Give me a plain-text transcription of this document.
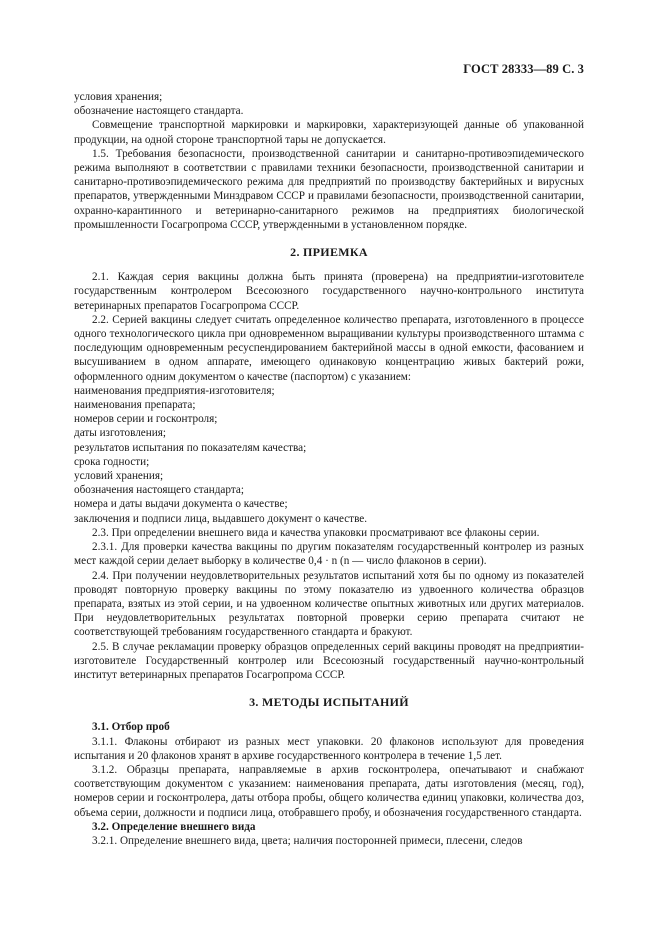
ГОСТ 28333—89 С. 3

условия хранения;

обозначение настоящего стандарта.

Совмещение транспортной маркировки и маркировки, характеризующей данные об упакованной продукции, на одной стороне транспортной тары не допускается.

1.5. Требования безопасности, производственной санитарии и санитарно-противоэпидемического режима выполняют в соответствии с правилами техники безопасности, производственной санитарии и санитарно-противоэпидемического режима для предприятий по производству бактерийных и вирусных препаратов, утвержденными Минздравом СССР и правилами безопасности, производственной санитарии, охранно-карантинного и ветеринарно-санитарного режимов на предприятиях биологической промышленности Госагропрома СССР, утвержденными в установленном порядке.

2. ПРИЕМКА

2.1. Каждая серия вакцины должна быть принята (проверена) на предприятии-изготовителе государственным контролером Всесоюзного государственного научно-контрольного института ветеринарных препаратов Госагропрома СССР.

2.2. Серией вакцины следует считать определенное количество препарата, изготовленного в процессе одного технологического цикла при одновременном выращивании культуры производственного штамма с последующим одновременным ресуспендированием бактерийной массы в одной емкости, фасованием и высушиванием в одном аппарате, имеющего одинаковую концентрацию живых бактерий рожи, оформленного одним документом о качестве (паспортом) с указанием:

наименования предприятия-изготовителя;

наименования препарата;

номеров серии и госконтроля;

даты изготовления;

результатов испытания по показателям качества;

срока годности;

условий хранения;

обозначения настоящего стандарта;

номера и даты выдачи документа о качестве;

заключения и подписи лица, выдавшего документ о качестве.

2.3. При определении внешнего вида и качества упаковки просматривают все флаконы серии.

2.3.1. Для проверки качества вакцины по другим показателям государственный контролер из разных мест каждой серии делает выборку в количестве 0,4 · n (n — число флаконов в серии).

2.4. При получении неудовлетворительных результатов испытаний хотя бы по одному из показателей проводят повторную проверку вакцины по этому показателю из удвоенного количества образцов препарата, взятых из этой серии, и на удвоенном количестве опытных животных или других материалов. При неудовлетворительных результатах повторной проверки серию препарата считают не соответствующей требованиям государственного стандарта и бракуют.

2.5. В случае рекламации проверку образцов определенных серий вакцины проводят на предприятии-изготовителе Государственный контролер или Всесоюзный государственный научно-контрольный институт ветеринарных препаратов Госагропрома СССР.

3. МЕТОДЫ ИСПЫТАНИЙ

3.1. Отбор проб

3.1.1. Флаконы отбирают из разных мест упаковки. 20 флаконов используют для проведения испытания и 20 флаконов хранят в архиве государственного контролера в течение 1,5 лет.

3.1.2. Образцы препарата, направляемые в архив госконтролера, опечатывают и снабжают соответствующим документом с указанием: наименования препарата, даты изготовления (месяц, год), номеров серии и госконтролера, даты отбора пробы, общего количества единиц упаковки, количества доз, объема серии, должности и подписи лица, отобравшего пробу, и обозначения государственного стандарта.

3.2. Определение внешнего вида

3.2.1. Определение внешнего вида, цвета; наличия посторонней примеси, плесени, следов
